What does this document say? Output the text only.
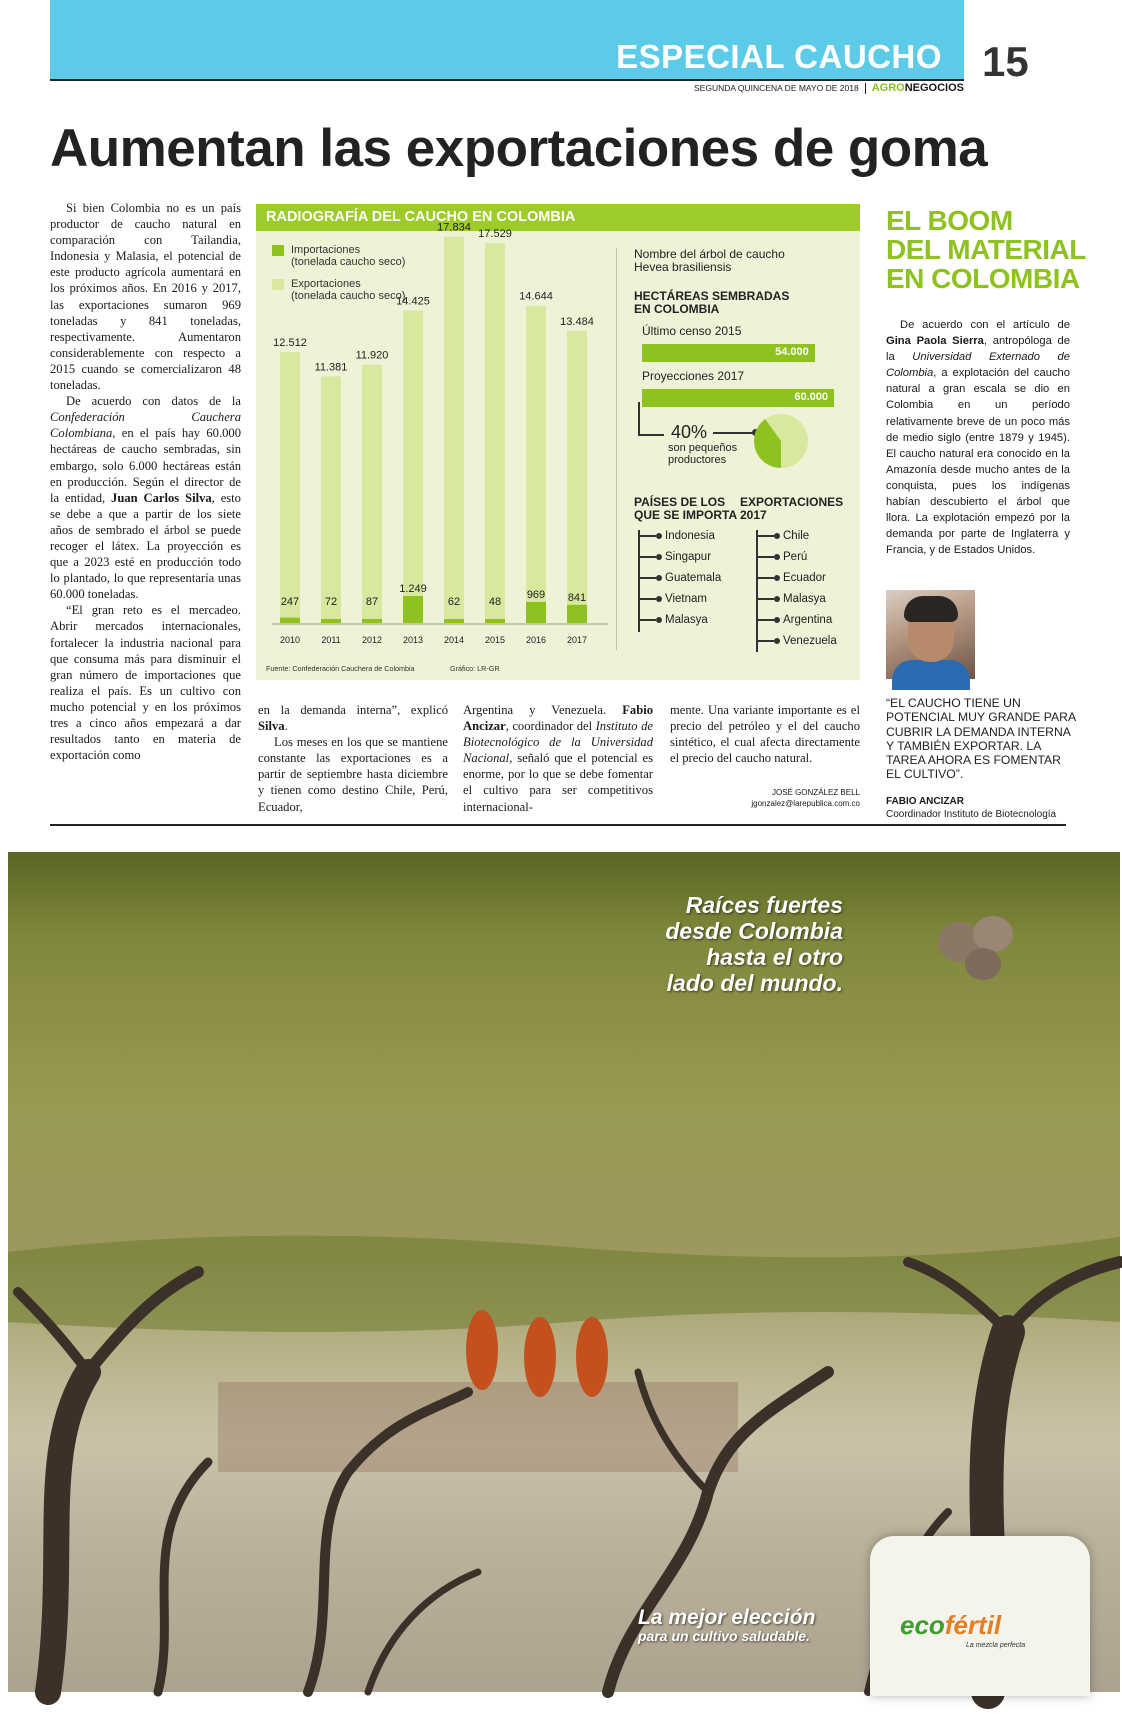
ESPECIAL CAUCHO 15
SEGUNDA QUINCENA DE MAYO DE 2018 AGRONEGOCIOS
Aumentan las exportaciones de goma

Si bien Colombia no es un país productor de caucho natural en comparación con Tailandia, Indonesia y Malasia, el potencial de este producto agrícola aumentará en los próximos años. En 2016 y 2017, las exportaciones sumaron 969 toneladas y 841 toneladas, respectivamente. Aumentaron considerablemente con respecto a 2015 cuando se comercializaron 48 toneladas.

De acuerdo con datos de la Confederación Cauchera Colombiana, en el país hay 60.000 hectáreas de caucho sembradas, sin embargo, solo 6.000 hectáreas están en producción. Según el director de la entidad, Juan Carlos Silva, esto se debe a que a partir de los siete años de sembrado el árbol se puede recoger el látex. La proyección es que a 2023 esté en producción todo lo plantado, lo que representaría unas 60.000 toneladas.

“El gran reto es el mercadeo. Abrir mercados internacionales, fortalecer la industria nacional para que consuma más para disminuir el gran número de importaciones que realiza el país. Es un cultivo con mucho potencial y en los próximos tres a cinco años empezará a dar resultados tanto en materia de exportación como

en la demanda interna”, explicó Silva.

Los meses en los que se mantiene constante las exportaciones es a partir de septiembre hasta diciembre y tienen como destino Chile, Perú, Ecuador,

Argentina y Venezuela. Fabio Ancizar, coordinador del Instituto de Biotecnológico de la Universidad Nacional, señaló que el potencial es enorme, por lo que se debe fomentar el cultivo para ser competitivos internacional-

mente. Una variante importante es el precio del petróleo y el del caucho sintético, el cual afecta directamente el precio del caucho natural.

JOSÉ GONZÁLEZ BELL
jgonzalez@larepublica.com.co
RADIOGRAFÍA DEL CAUCHO EN COLOMBIA
12.512
247
2010
11.381
72
2011
11.920
87
2012
14.425
1.249
2013
17.834
62
2014
17.529
48
2015
14.644
969
2016
13.484
841
2017
Importaciones
(tonelada caucho seco)
Exportaciones
(tonelada caucho seco)
Nombre del árbol de caucho
Hevea brasiliensis
HECTÁREAS SEMBRADAS
EN COLOMBIA
Último censo 2015
54.000
Proyecciones 2017
60.000
40%
son pequeños
productores
PAÍSES DE LOS
QUE SE IMPORTA
EXPORTACIONES
2017
Indonesia
Singapur
Guatemala
Vietnam
Malasya
Chile
Perú
Ecuador
Malasya
Argentina
Venezuela
Fuente: Confederación Cauchera de Colombia	Gráfico: LR-GR
EL BOOM
DEL MATERIAL
EN COLOMBIA

De acuerdo con el artículo de Gina Paola Sierra, antropóloga de la Universidad Externado de Colombia, a explotación del caucho natural a gran escala se dio en Colombia en un período relativamente breve de un poco más de medio siglo (entre 1879 y 1945). El caucho natural era conocido en la Amazonía desde mucho antes de la conquista, pues los indígenas habían descubierto el árbol que llora. La explotación empezó por la demanda por parte de Inglaterra y Francia, y de Estados Unidos.

“EL CAUCHO TIENE UN POTENCIAL MUY GRANDE PARA CUBRIR LA DEMANDA INTERNA Y TAMBIÉN EXPORTAR. LA TAREA AHORA ES FOMENTAR EL CULTIVO”.
FABIO ANCIZAR
Coordinador Instituto de Biotecnología
Raíces fuertes
desde Colombia
hasta el otro
lado del mundo.
La mejor elección
para un cultivo saludable.	ecofértil
La mezcla perfecta
